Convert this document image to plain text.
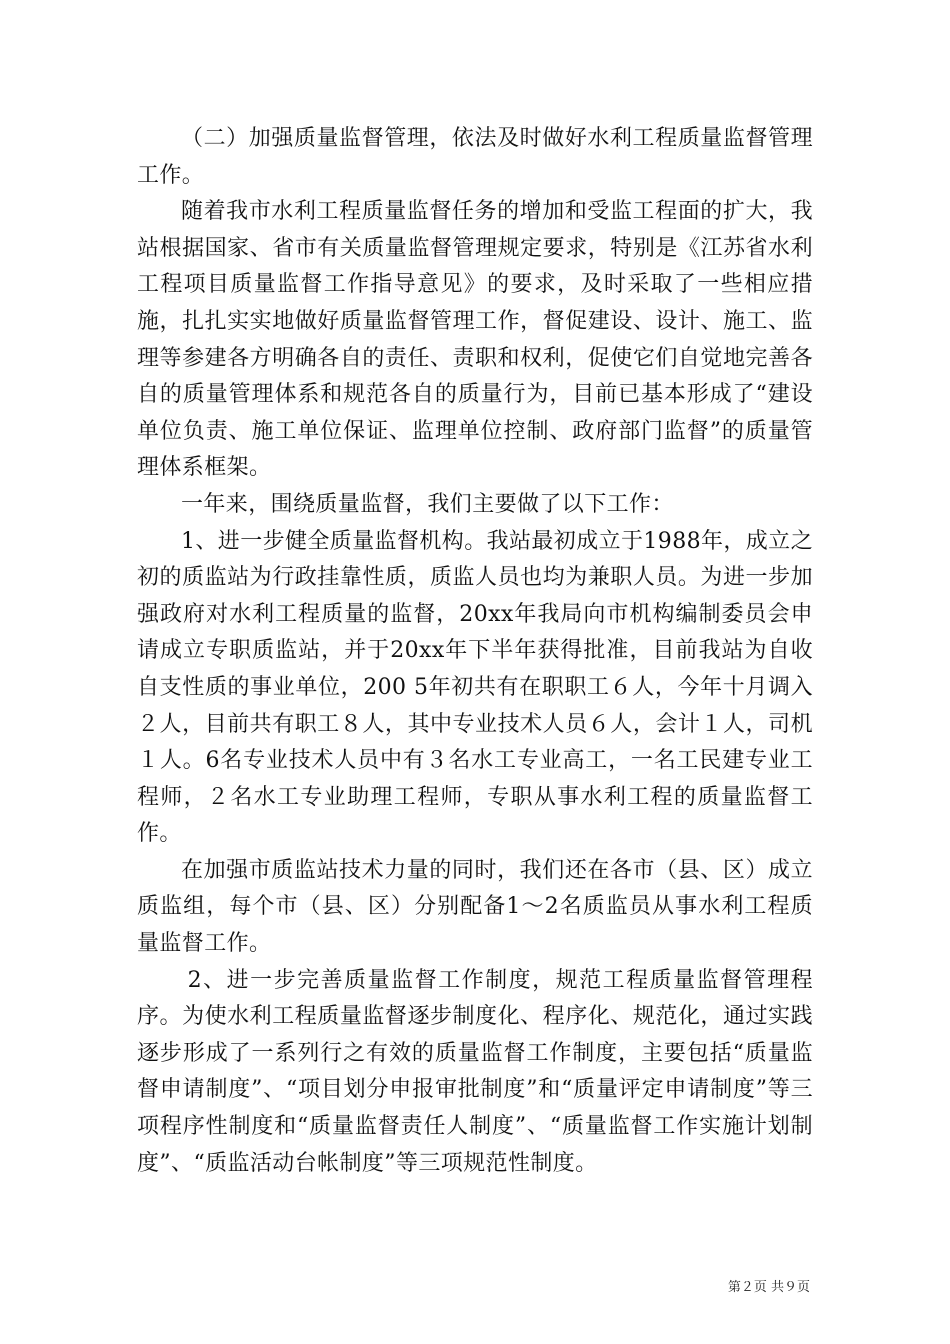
（二）加强质量监督管理，依法及时做好水利工程质量监督管理工作。

随着我市水利工程质量监督任务的增加和受监工程面的扩大，我站根据国家、省市有关质量监督管理规定要求，特别是《江苏省水利工程项目质量监督工作指导意见》的要求，及时采取了一些相应措施，扎扎实实地做好质量监督管理工作，督促建设、设计、施工、监理等参建各方明确各自的责任、责职和权利，促使它们自觉地完善各自的质量管理体系和规范各自的质量行为，目前已基本形成了“建设单位负责、施工单位保证、监理单位控制、政府部门监督”的质量管理体系框架。

一年来，围绕质量监督，我们主要做了以下工作：

1、进一步健全质量监督机构。我站最初成立于1988年，成立之初的质监站为行政挂靠性质，质监人员也均为兼职人员。为进一步加强政府对水利工程质量的监督，20xx年我局向市机构编制委员会申请成立专职质监站，并于20xx年下半年获得批准，目前我站为自收自支性质的事业单位，200 5年初共有在职职工６人，今年十月调入２人，目前共有职工８人，其中专业技术人员６人，会计１人，司机１人。6名专业技术人员中有３名水工专业高工，一名工民建专业工程师，２名水工专业助理工程师，专职从事水利工程的质量监督工作。

在加强市质监站技术力量的同时，我们还在各市（县、区）成立质监组，每个市（县、区）分别配备1～2名质监员从事水利工程质量监督工作。

2、进一步完善质量监督工作制度，规范工程质量监督管理程序。为使水利工程质量监督逐步制度化、程序化、规范化，通过实践逐步形成了一系列行之有效的质量监督工作制度，主要包括“质量监督申请制度”、“项目划分申报审批制度”和“质量评定申请制度”等三项程序性制度和“质量监督责任人制度”、“质量监督工作实施计划制度”、“质监活动台帐制度”等三项规范性制度。

第２页 共９页
